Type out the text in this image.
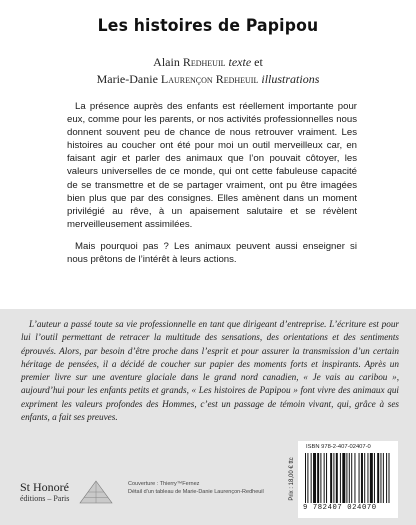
Les histoires de Papipou
Alain Redheuil texte et
Marie-Danie Laurençon Redheuil illustrations

La présence auprès des enfants est réellement importante pour eux, comme pour les parents, or nos activités professionnelles nous donnent souvent peu de chance de nous retrouver vraiment. Les histoires au coucher ont été pour moi un outil merveilleux car, en faisant agir et parler des animaux que l’on pouvait côtoyer, les valeurs universelles de ce monde, qui ont cette fabuleuse capacité de se transmettre et de se partager vraiment, ont pu être imagées bien plus que par des consignes. Elles amènent dans un moment privilégié au rêve, à un apaisement salutaire et se révèlent merveilleusement assimilées.

Mais pourquoi pas ? Les animaux peuvent aussi enseigner si nous prêtons de l’intérêt à leurs actions.

L’auteur a passé toute sa vie professionnelle en tant que dirigeant d’entreprise. L’écriture est pour lui l’outil permettant de retracer la multitude des sensations, des orientations et des sentiments éprouvés. Alors, par besoin d’être proche dans l’esprit et pour assurer la transmission d’un certain héritage de pensées, il a décidé de coucher sur papier des moments forts et inspirants. Après un premier livre sur une aventure glaciale dans le grand nord canadien, « Je vais au caribou », aujourd’hui pour les enfants petits et grands, « Les histoires de Papipou » font vivre des animaux qui expriment les valeurs profondes des Hommes, c’est un passage de témoin vivant, qui, grâce à ses enfants, a fait ses preuves.

St Honoré
éditions – Paris
Couverture : Thierry™Fernez
Détail d’un tableau de Marie-Danie Laurençon-Redheuil	Prix : 18,00 € ttc
ISBN 978-2-407-02407-0
9 782407 024070
